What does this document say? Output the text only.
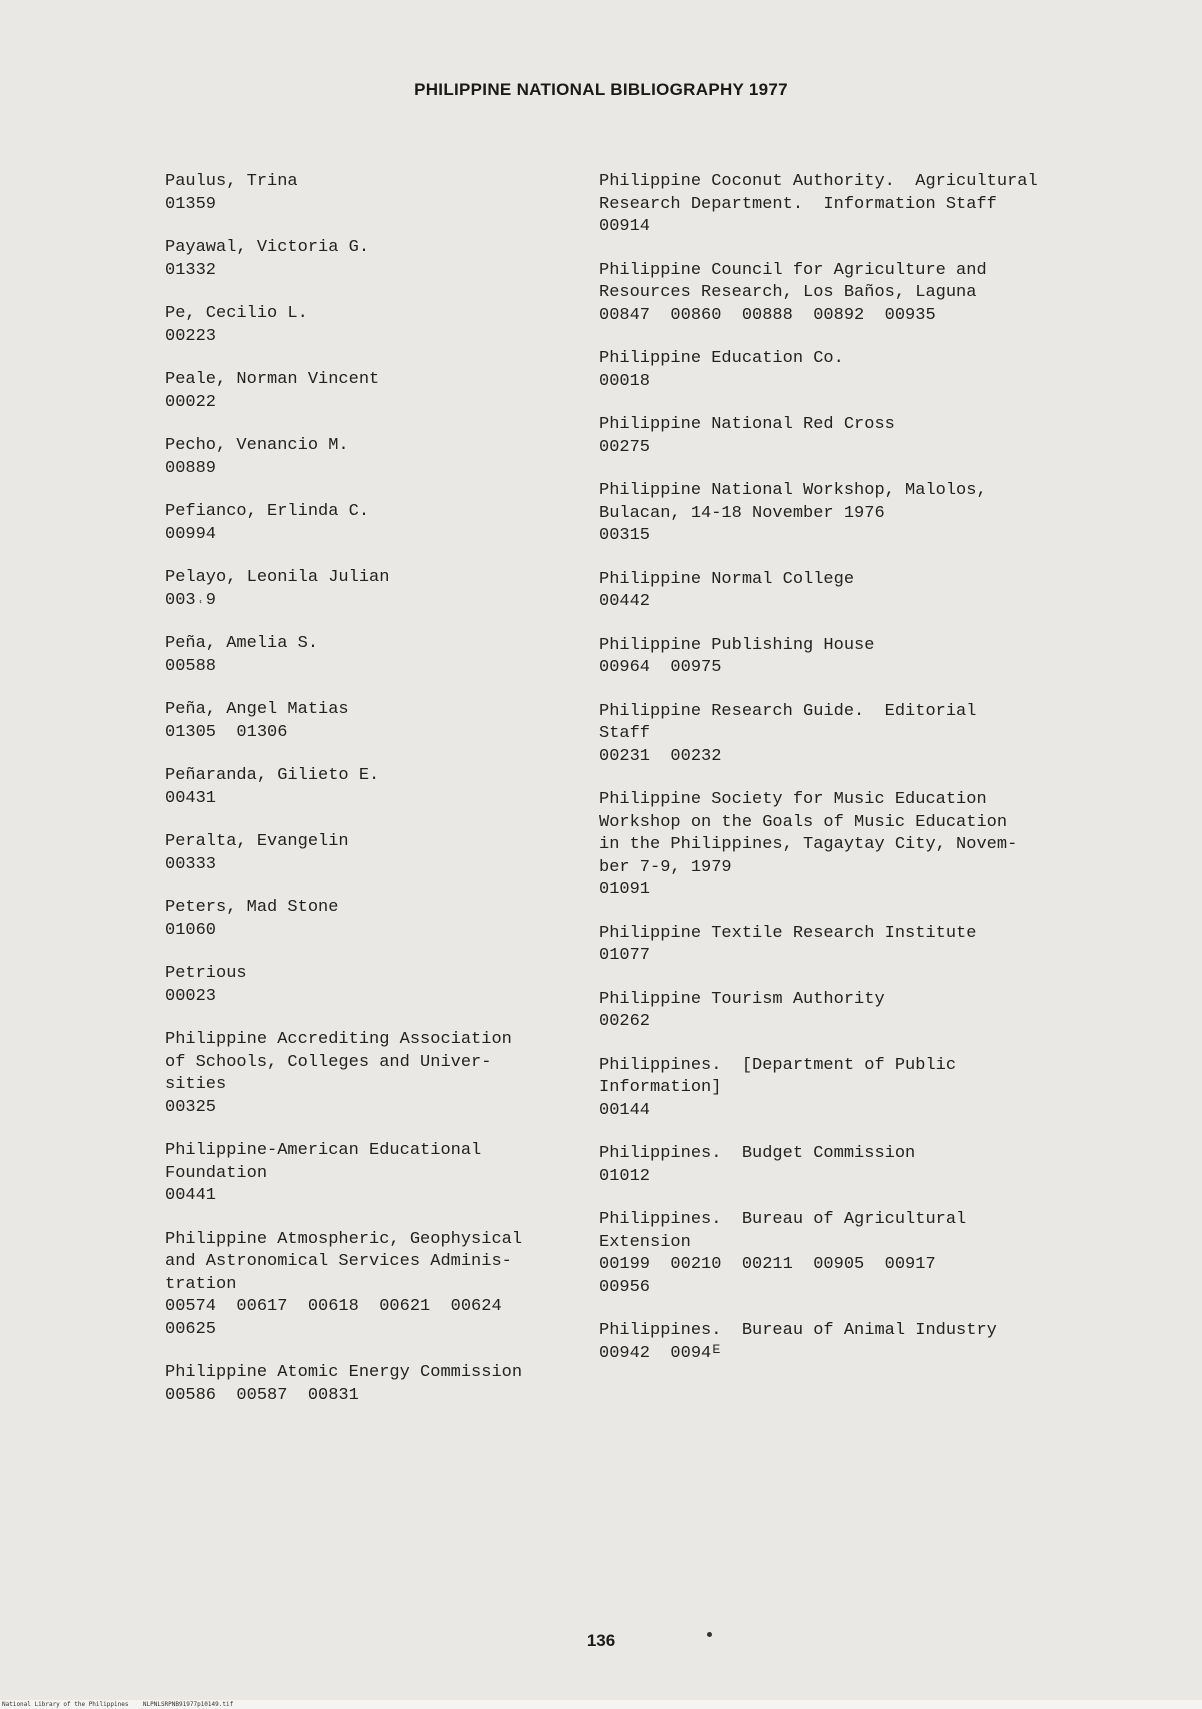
PHILIPPINE NATIONAL BIBLIOGRAPHY 1977
Paulus, Trina
01359
Payawal, Victoria G.
01332
Pe, Cecilio L.
00223
Peale, Norman Vincent
00022
Pecho, Venancio M.
00889
Pefianco, Erlinda C.
00994
Pelayo, Leonila Julian
003˓9
Peña, Amelia S.
00588
Peña, Angel Matias
01305  01306
Peñaranda, Gilieto E.
00431
Peralta, Evangelin
00333
Peters, Mad Stone
01060
Petrious
00023
Philippine Accrediting Association
of Schools, Colleges and Univer-
sities
00325
Philippine-American Educational
Foundation
00441
Philippine Atmospheric, Geophysical
and Astronomical Services Adminis-
tration
00574  00617  00618  00621  00624
00625
Philippine Atomic Energy Commission
00586  00587  00831
Philippine Coconut Authority.  Agricultural
Research Department.  Information Staff
00914
Philippine Council for Agriculture and
Resources Research, Los Baños, Laguna
00847  00860  00888  00892  00935
Philippine Education Co.
00018
Philippine National Red Cross
00275
Philippine National Workshop, Malolos,
Bulacan, 14-18 November 1976
00315
Philippine Normal College
00442
Philippine Publishing House
00964  00975
Philippine Research Guide.  Editorial
Staff
00231  00232
Philippine Society for Music Education
Workshop on the Goals of Music Education
in the Philippines, Tagaytay City, Novem-
ber 7-9, 1979
01091
Philippine Textile Research Institute
01077
Philippine Tourism Authority
00262
Philippines.  [Department of Public
Information]
00144
Philippines.  Budget Commission
01012
Philippines.  Bureau of Agricultural
Extension
00199  00210  00211  00905  00917
00956
Philippines.  Bureau of Animal Industry
00942  0094ᴱ
136
National Library of the Philippines    NLPNLSRPNB91977p10149.tif
